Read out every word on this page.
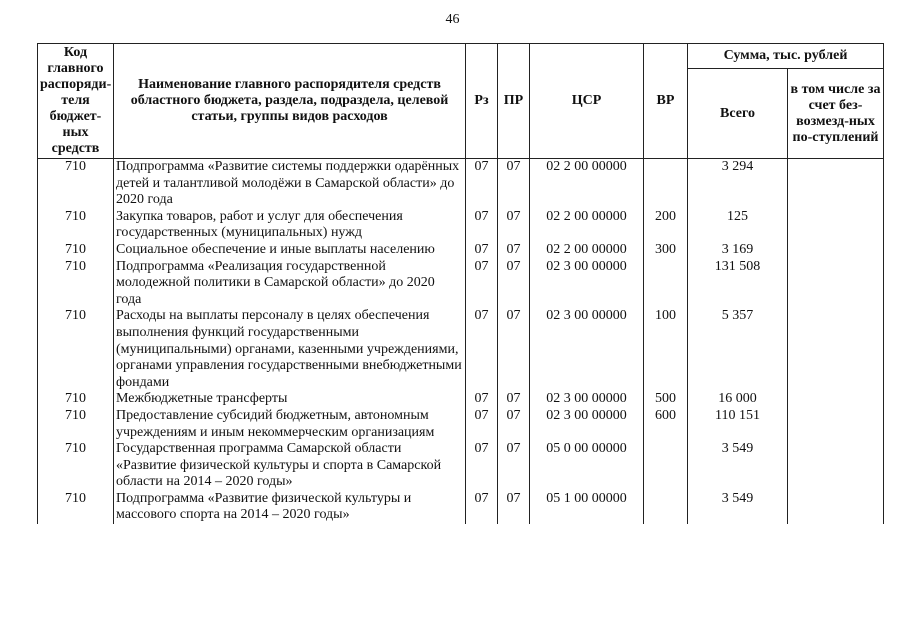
46
Код главного распоряди-теля бюджет-ных средств	Наименование главного распорядителя средств областного бюджета, раздела, подраздела, целевой статьи, группы видов расходов	Рз	ПР	ЦСР	ВР	Сумма, тыс. рублей	
						Всего	в том числе за счет без-возмезд-ных по-ступлений
710	Подпрограмма «Развитие системы поддержки одарённых детей и талантливой молодёжи в Самарской области» до 2020 года	07	07	02 2 00 00000		3 294	
710	Закупка товаров, работ и услуг для обеспечения государственных (муниципальных) нужд	07	07	02 2 00 00000	200	125	
710	Социальное обеспечение и иные выплаты населению	07	07	02 2 00 00000	300	3 169	
710	Подпрограмма «Реализация государственной молодежной политики в Самарской области» до 2020 года	07	07	02 3 00 00000		131 508	
710	Расходы на выплаты персоналу в целях обеспечения выполнения функций государственными (муниципальными) органами, казенными учреждениями, органами управления государственными внебюджетными фондами	07	07	02 3 00 00000	100	5 357	
710	Межбюджетные трансферты	07	07	02 3 00 00000	500	16 000	
710	Предоставление субсидий бюджетным, автономным учреждениям и иным некоммерческим организациям	07	07	02 3 00 00000	600	110 151	
710	Государственная программа Самарской области «Развитие физической культуры и спорта в Самарской области на 2014 – 2020 годы»	07	07	05 0 00 00000		3 549	
710	Подпрограмма «Развитие физической культуры и массового спорта на 2014 – 2020 годы»	07	07	05 1 00 00000		3 549	
